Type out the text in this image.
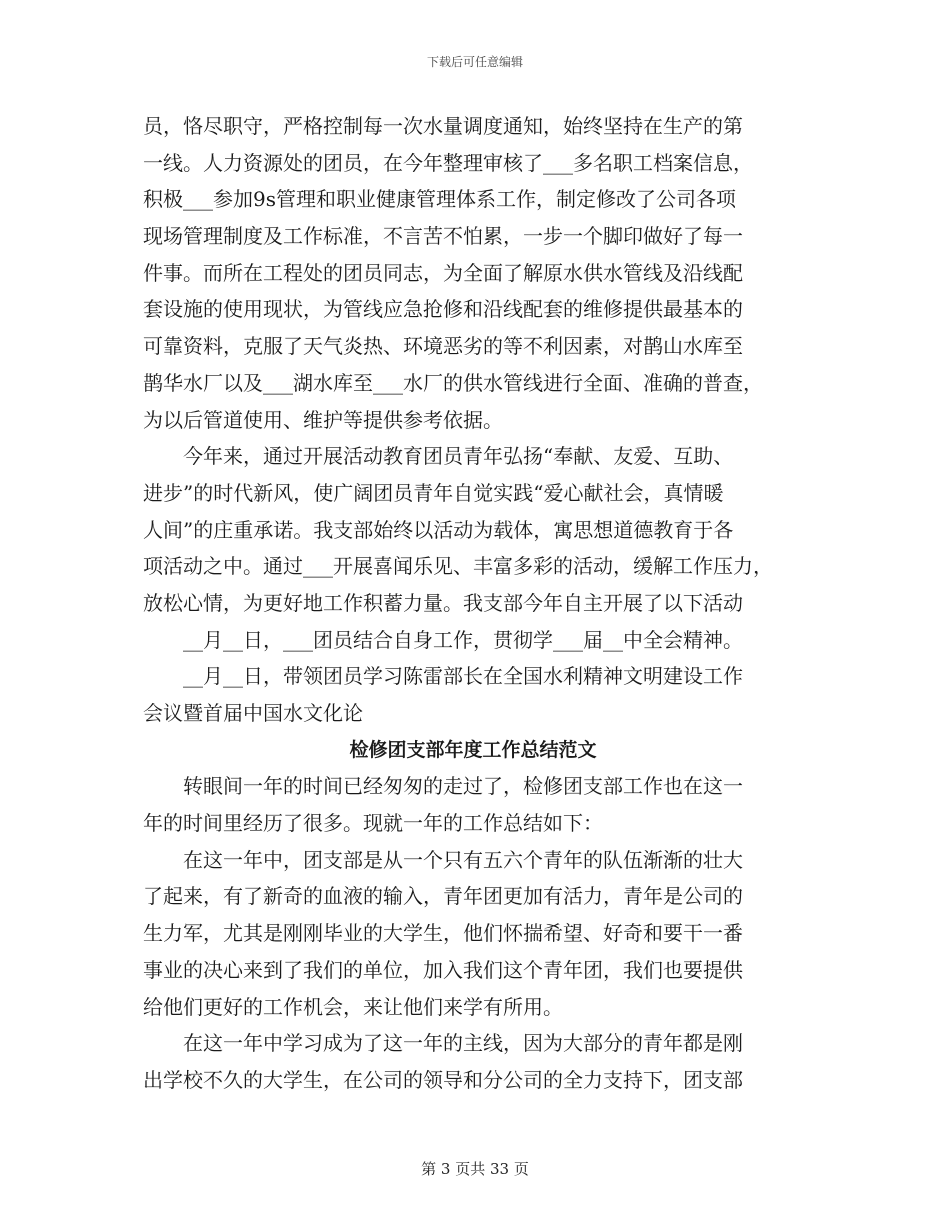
下载后可任意编辑
员，恪尽职守，严格控制每一次水量调度通知，始终坚持在生产的第
一线。人力资源处的团员，在今年整理审核了___多名职工档案信息，
积极___参加9s管理和职业健康管理体系工作，制定修改了公司各项
现场管理制度及工作标准，不言苦不怕累，一步一个脚印做好了每一
件事。而所在工程处的团员同志，为全面了解原水供水管线及沿线配
套设施的使用现状，为管线应急抢修和沿线配套的维修提供最基本的
可靠资料，克服了天气炎热、环境恶劣的等不利因素，对鹊山水库至
鹊华水厂以及___湖水库至___水厂的供水管线进行全面、准确的普查，
为以后管道使用、维护等提供参考依据。
　　今年来，通过开展活动教育团员青年弘扬“奉献、友爱、互助、
进步”的时代新风，使广阔团员青年自觉实践“爱心献社会，真情暖
人间”的庄重承诺。我支部始终以活动为载体，寓思想道德教育于各
项活动之中。通过___开展喜闻乐见、丰富多彩的活动，缓解工作压力，
放松心情，为更好地工作积蓄力量。我支部今年自主开展了以下活动
　　__月__日，___团员结合自身工作，贯彻学___届__中全会精神。
　　__月__日，带领团员学习陈雷部长在全国水利精神文明建设工作
会议暨首届中国水文化论
检修团支部年度工作总结范文
　　转眼间一年的时间已经匆匆的走过了，检修团支部工作也在这一
年的时间里经历了很多。现就一年的工作总结如下：
　　在这一年中，团支部是从一个只有五六个青年的队伍渐渐的壮大
了起来，有了新奇的血液的输入，青年团更加有活力，青年是公司的
生力军，尤其是刚刚毕业的大学生，他们怀揣希望、好奇和要干一番
事业的决心来到了我们的单位，加入我们这个青年团，我们也要提供
给他们更好的工作机会，来让他们来学有所用。
　　在这一年中学习成为了这一年的主线，因为大部分的青年都是刚
出学校不久的大学生，在公司的领导和分公司的全力支持下，团支部
第 3 页共 33 页
